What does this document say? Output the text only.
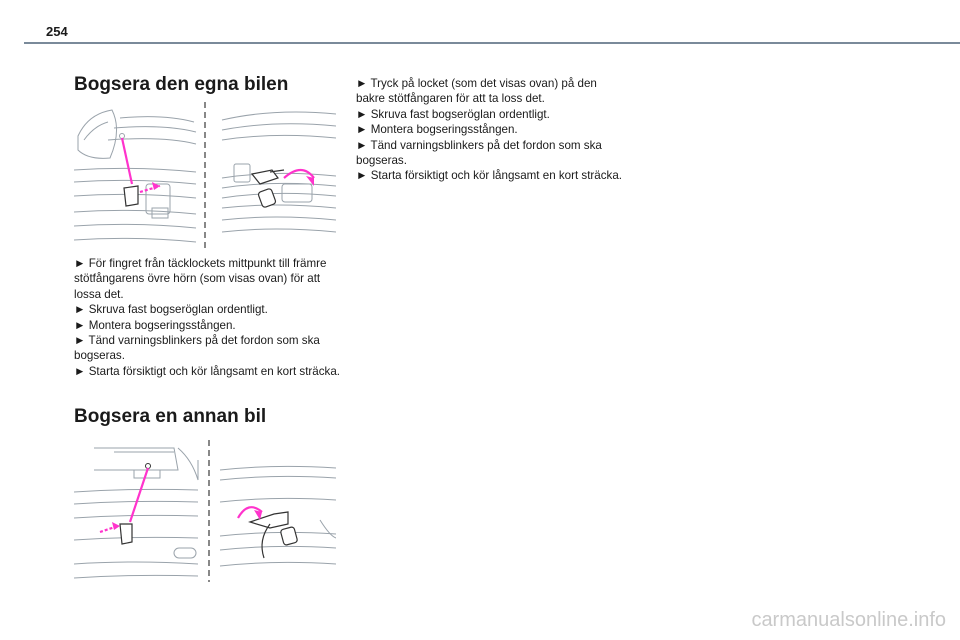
254
Bogsera den egna bilen

► För fingret från täcklockets mittpunkt till främre stötfångarens övre hörn (som visas ovan) för att lossa det.

► Skruva fast bogseröglan ordentligt.

► Montera bogseringsstången.

► Tänd varningsblinkers på det fordon som ska bogseras.

► Starta försiktigt och kör långsamt en kort sträcka.

Bogsera en annan bil

► Tryck på locket (som det visas ovan) på den bakre stötfångaren för att ta loss det.

► Skruva fast bogseröglan ordentligt.

► Montera bogseringsstången.

► Tänd varningsblinkers på det fordon som ska bogseras.

► Starta försiktigt och kör långsamt en kort sträcka.

carmanualsonline.info
